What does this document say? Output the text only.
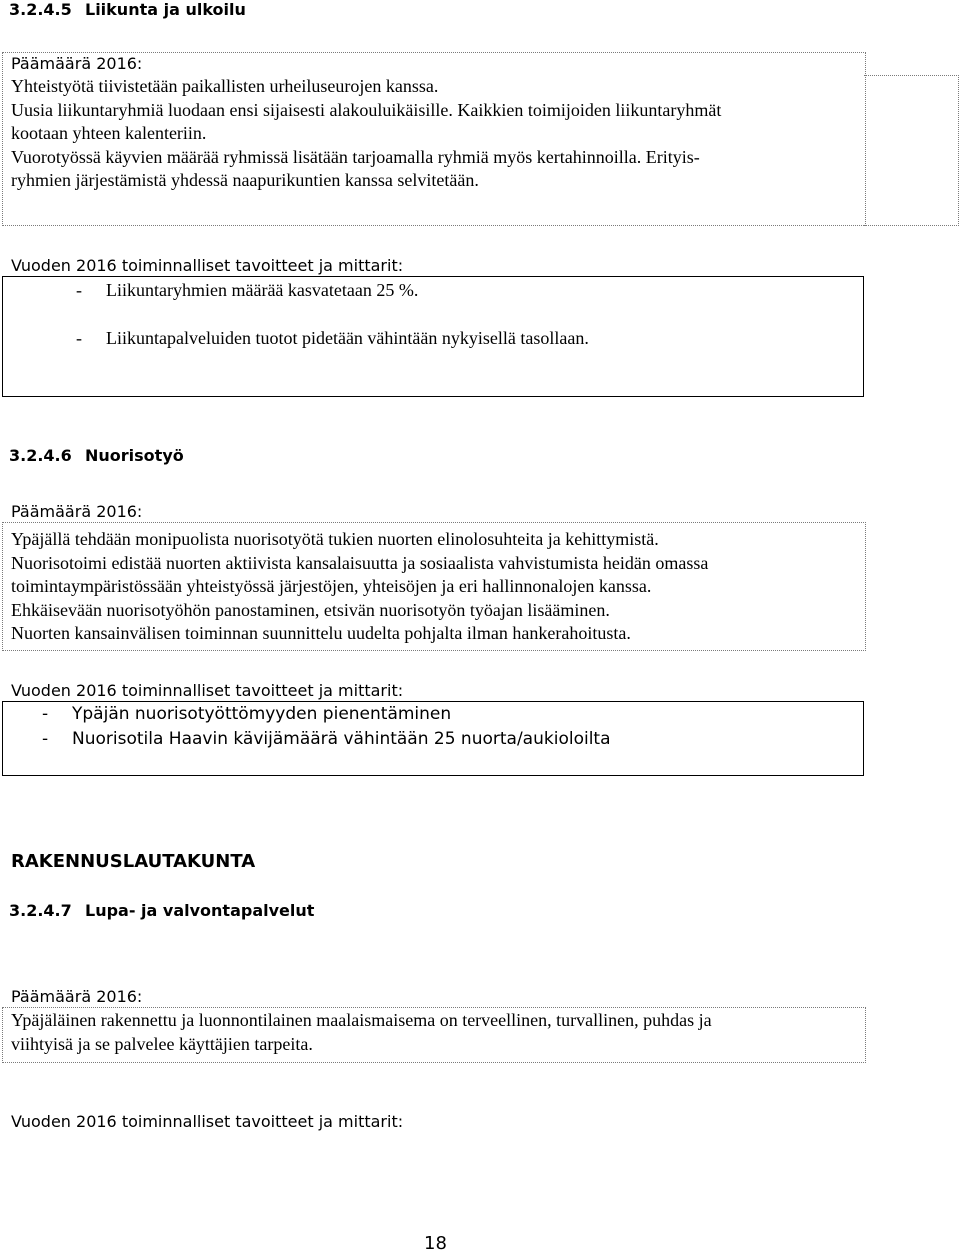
3.2.4.5 Liikunta ja ulkoilu
Päämäärä 2016:
Yhteistyötä tiivistetään paikallisten urheiluseurojen kanssa.
Uusia liikuntaryhmiä luodaan ensi sijaisesti alakouluikäisille. Kaikkien toimijoiden liikuntaryhmät
kootaan yhteen kalenteriin.
Vuorotyössä käyvien määrää ryhmissä lisätään tarjoamalla ryhmiä myös kertahinnoilla. Erityis-
ryhmien järjestämistä yhdessä naapurikuntien kanssa selvitetään.
Vuoden 2016 toiminnalliset tavoitteet ja mittarit:
- Liikuntaryhmien määrää kasvatetaan 25 %.
- Liikuntapalveluiden tuotot pidetään vähintään nykyisellä tasollaan.
3.2.4.6 Nuorisotyö
Päämäärä 2016:
Ypäjällä tehdään monipuolista nuorisotyötä tukien nuorten elinolosuhteita ja kehittymistä.
Nuorisotoimi edistää nuorten aktiivista kansalaisuutta ja sosiaalista vahvistumista heidän omassa
toimintaympäristössään yhteistyössä järjestöjen, yhteisöjen ja eri hallinnonalojen kanssa.
Ehkäisevään nuorisotyöhön panostaminen, etsivän nuorisotyön työajan lisääminen.
Nuorten kansainvälisen toiminnan suunnittelu uudelta pohjalta ilman hankerahoitusta.
Vuoden 2016 toiminnalliset tavoitteet ja mittarit:
- Ypäjän nuorisotyöttömyyden pienentäminen
- Nuorisotila Haavin kävijämäärä vähintään 25 nuorta/aukioloilta
RAKENNUSLAUTAKUNTA
3.2.4.7 Lupa- ja valvontapalvelut
Päämäärä 2016:
Ypäjäläinen rakennettu ja luonnontilainen maalaismaisema on terveellinen, turvallinen, puhdas ja
viihtyisä ja se palvelee käyttäjien tarpeita.
Vuoden 2016 toiminnalliset tavoitteet ja mittarit:
18
